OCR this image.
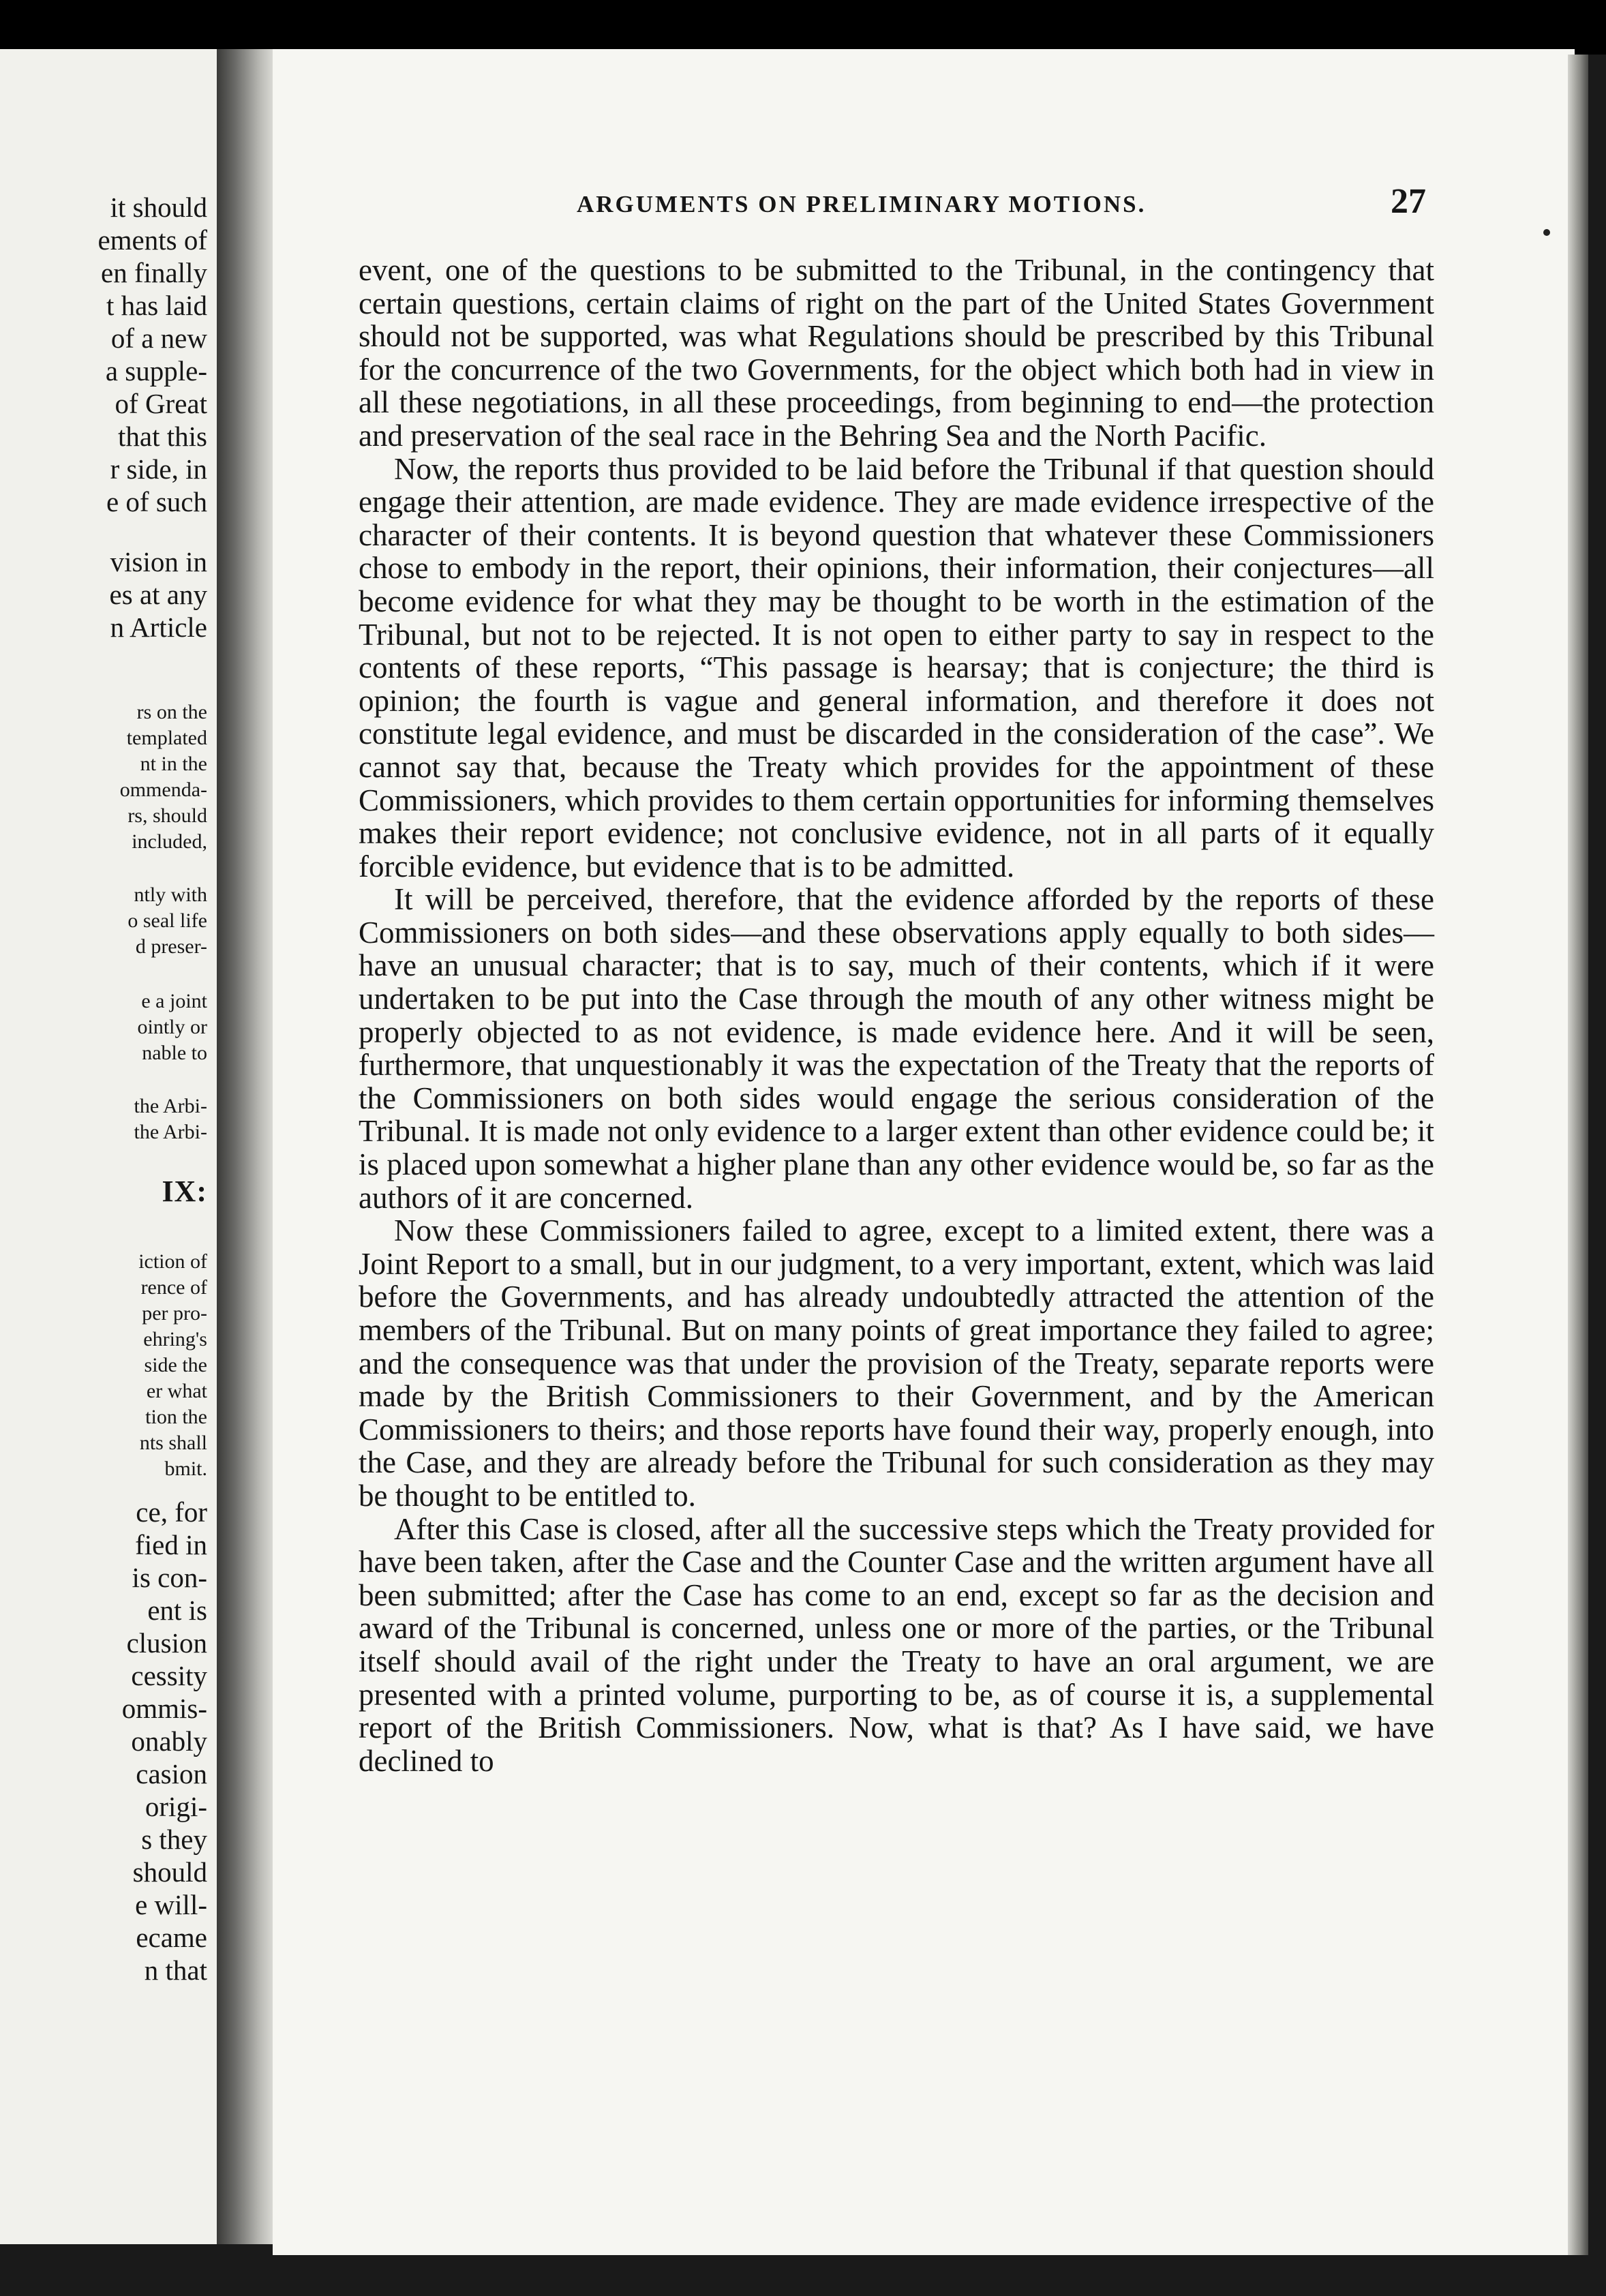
it should
ements of
en finally
t has laid
of a new
a supple-
of Great
that this
r side, in
e of such
vision in
es at any
n Article
rs on the
templated
nt in the
ommenda-
rs, should
included,
ntly with
o seal life
d preser-
e a joint
ointly or
nable to
the Arbi-
the Arbi-
IX:
iction of
rence of
per pro-
ehring's
side the
er what
tion the
nts shall
bmit.
ce, for
fied in
is con-
ent is
clusion
cessity
ommis-
onably
casion
origi-
s they
should
e will-
ecame
n that
ARGUMENTS ON PRELIMINARY MOTIONS.	27

event, one of the questions to be submitted to the Tribunal, in the contingency that certain questions, certain claims of right on the part of the United States Government should not be supported, was what Regulations should be prescribed by this Tribunal for the concurrence of the two Governments, for the object which both had in view in all these negotiations, in all these proceedings, from beginning to end—the protection and preservation of the seal race in the Behring Sea and the North Pacific.

Now, the reports thus provided to be laid before the Tribunal if that question should engage their attention, are made evidence. They are made evidence irrespective of the character of their contents. It is beyond question that whatever these Commissioners chose to embody in the report, their opinions, their information, their conjectures—all become evidence for what they may be thought to be worth in the estimation of the Tribunal, but not to be rejected. It is not open to either party to say in respect to the contents of these reports, “This passage is hearsay; that is conjecture; the third is opinion; the fourth is vague and general information, and therefore it does not constitute legal evidence, and must be discarded in the consideration of the case”. We cannot say that, because the Treaty which provides for the appointment of these Commissioners, which provides to them certain opportunities for informing themselves makes their report evidence; not conclusive evidence, not in all parts of it equally forcible evidence, but evidence that is to be admitted.

It will be perceived, therefore, that the evidence afforded by the reports of these Commissioners on both sides—and these observations apply equally to both sides—have an unusual character; that is to say, much of their contents, which if it were undertaken to be put into the Case through the mouth of any other witness might be properly objected to as not evidence, is made evidence here. And it will be seen, furthermore, that unquestionably it was the expectation of the Treaty that the reports of the Commissioners on both sides would engage the serious consideration of the Tribunal. It is made not only evidence to a larger extent than other evidence could be; it is placed upon somewhat a higher plane than any other evidence would be, so far as the authors of it are concerned.

Now these Commissioners failed to agree, except to a limited extent, there was a Joint Report to a small, but in our judgment, to a very important, extent, which was laid before the Governments, and has already undoubtedly attracted the attention of the members of the Tribunal. But on many points of great importance they failed to agree; and the consequence was that under the provision of the Treaty, separate reports were made by the British Commissioners to their Government, and by the American Commissioners to theirs; and those reports have found their way, properly enough, into the Case, and they are already before the Tribunal for such consideration as they may be thought to be entitled to.

After this Case is closed, after all the successive steps which the Treaty provided for have been taken, after the Case and the Counter Case and the written argument have all been submitted; after the Case has come to an end, except so far as the decision and award of the Tribunal is concerned, unless one or more of the parties, or the Tribunal itself should avail of the right under the Treaty to have an oral argument, we are presented with a printed volume, purporting to be, as of course it is, a supplemental report of the British Commissioners. Now, what is that? As I have said, we have declined to
